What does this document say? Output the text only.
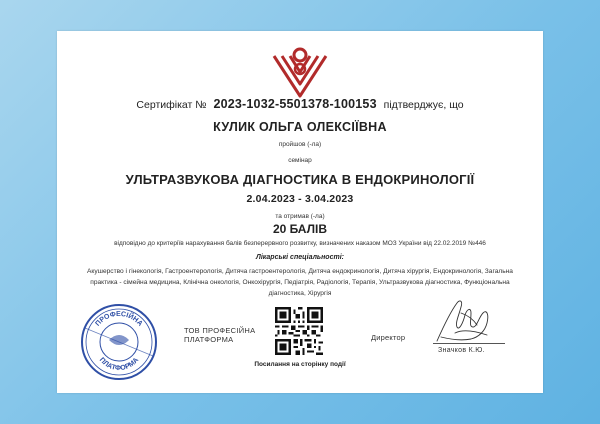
Сертифікат № 2023-1032-5501378-100153 підтверджує, що
КУЛИК ОЛЬГА ОЛЕКСІЇВНА
пройшов (-ла)
семінар
УЛЬТРАЗВУКОВА ДІАГНОСТИКА В ЕНДОКРИНОЛОГІЇ
2.04.2023 - 3.04.2023
та отримав (-ла)
20 БАЛІВ
відповідно до критеріїв нарахування балів безперервного розвитку, визначених наказом МОЗ України від 22.02.2019 №446
Лікарські спеціальності:
Акушерство і гінекологія, Гастроентерологія, Дитяча гастроентерологія, Дитяча ендокринологія, Дитяча хірургія, Ендокринологія, Загальна практика - сімейна медицина, Клінічна онкологія, Онкохірургія, Педіатрія, Радіологія, Терапія, Ультразвукова діагностика, Функціональна діагностика, Хірургія
ПРОФЕСІЙНА
ПЛАТФОРМА
ТОВ ПРОФЕСІЙНА
ПЛАТФОРМА
Посилання на сторінку події
Директор
Значков К.Ю.
